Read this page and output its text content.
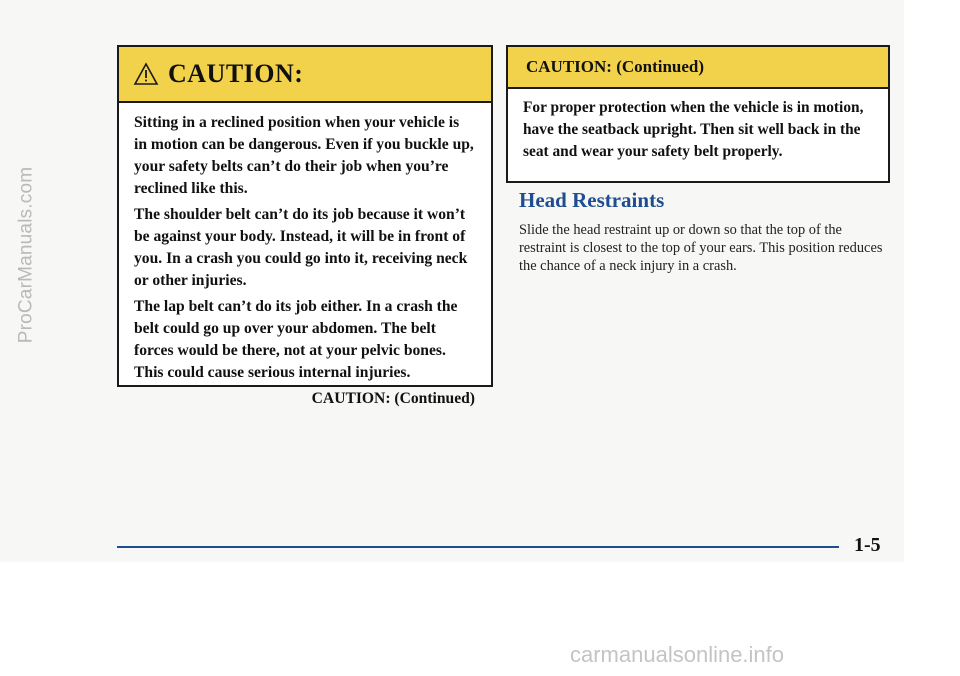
ProCarManuals.com
CAUTION:

Sitting in a reclined position when your vehicle is in motion can be dangerous. Even if you buckle up, your safety belts can’t do their job when you’re reclined like this.

The shoulder belt can’t do its job because it won’t be against your body. Instead, it will be in front of you. In a crash you could go into it, receiving neck or other injuries.

The lap belt can’t do its job either. In a crash the belt could go up over your abdomen. The belt forces would be there, not at your pelvic bones. This could cause serious internal injuries.

CAUTION: (Continued)
CAUTION: (Continued)

For proper protection when the vehicle is in motion, have the seatback upright. Then sit well back in the seat and wear your safety belt properly.

Head Restraints
Slide the head restraint up or down so that the top of the restraint is closest to the top of your ears. This position reduces the chance of a neck injury in a crash.
1-5
carmanualsonline.info
